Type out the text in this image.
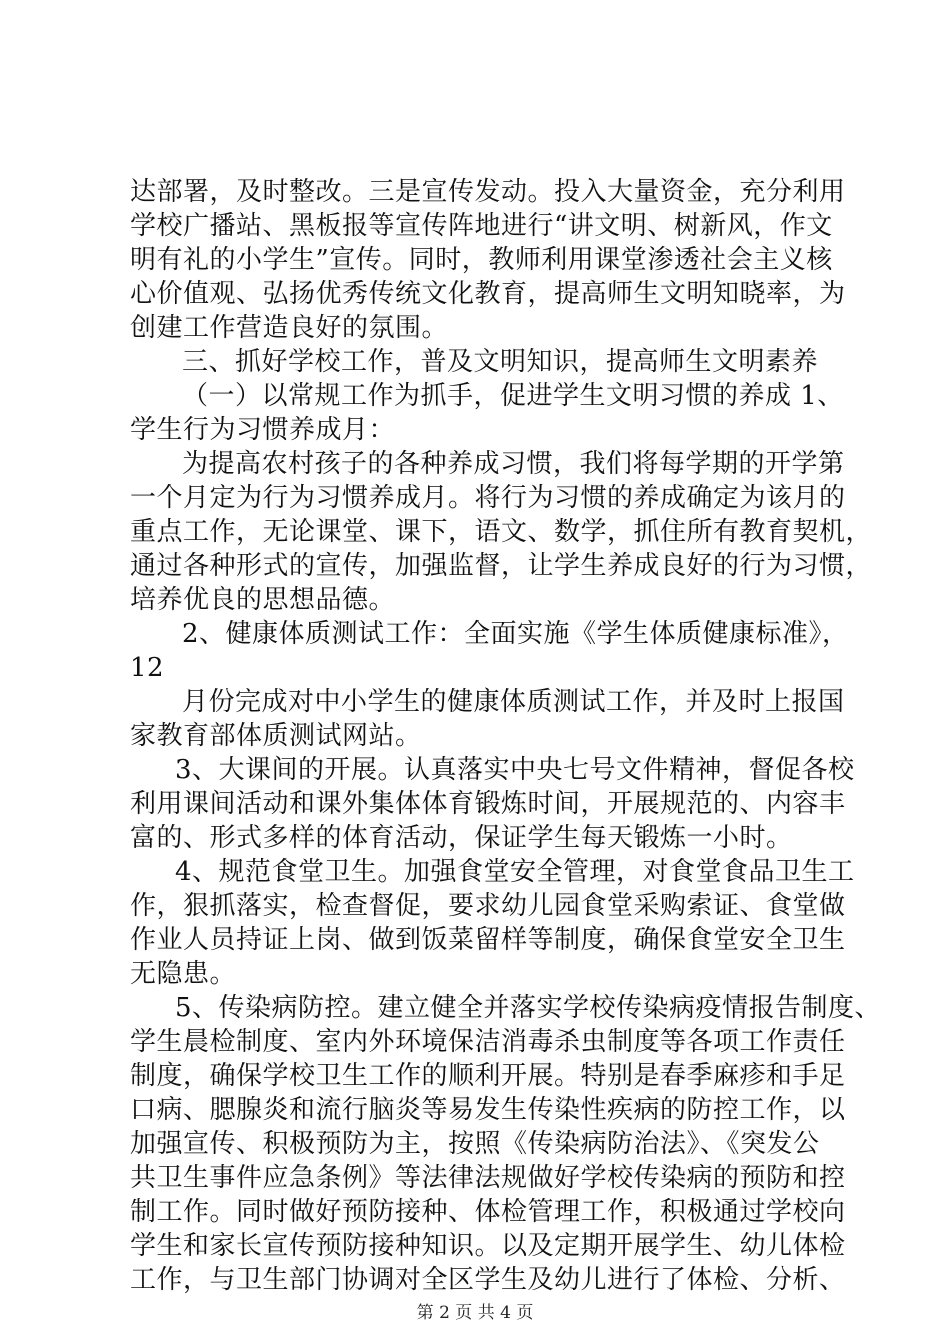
达部署，及时整改。三是宣传发动。投入大量资金，充分利用
学校广播站、黑板报等宣传阵地进行“讲文明、树新风，作文
明有礼的小学生”宣传。同时，教师利用课堂渗透社会主义核
心价值观、弘扬优秀传统文化教育，提高师生文明知晓率，为
创建工作营造良好的氛围。
三、抓好学校工作，普及文明知识，提高师生文明素养
（一）以常规工作为抓手，促进学生文明习惯的养成 1、
学生行为习惯养成月：
为提高农村孩子的各种养成习惯，我们将每学期的开学第
一个月定为行为习惯养成月。将行为习惯的养成确定为该月的
重点工作，无论课堂、课下，语文、数学，抓住所有教育契机，
通过各种形式的宣传，加强监督，让学生养成良好的行为习惯，
培养优良的思想品德。
2、健康体质测试工作：全面实施《学生体质健康标准》，
12
月份完成对中小学生的健康体质测试工作，并及时上报国
家教育部体质测试网站。
3、大课间的开展。认真落实中央七号文件精神，督促各校
利用课间活动和课外集体体育锻炼时间，开展规范的、内容丰
富的、形式多样的体育活动，保证学生每天锻炼一小时。
4、规范食堂卫生。加强食堂安全管理，对食堂食品卫生工
作，狠抓落实，检查督促，要求幼儿园食堂采购索证、食堂做
作业人员持证上岗、做到饭菜留样等制度，确保食堂安全卫生
无隐患。
5、传染病防控。建立健全并落实学校传染病疫情报告制度、
学生晨检制度、室内外环境保洁消毒杀虫制度等各项工作责任
制度，确保学校卫生工作的顺利开展。特别是春季麻疹和手足
口病、腮腺炎和流行脑炎等易发生传染性疾病的防控工作，以
加强宣传、积极预防为主，按照《传染病防治法》、《突发公
共卫生事件应急条例》等法律法规做好学校传染病的预防和控
制工作。同时做好预防接种、体检管理工作，积极通过学校向
学生和家长宣传预防接种知识。以及定期开展学生、幼儿体检
工作，与卫生部门协调对全区学生及幼儿进行了体检、分析、
第 2 页 共 4 页
